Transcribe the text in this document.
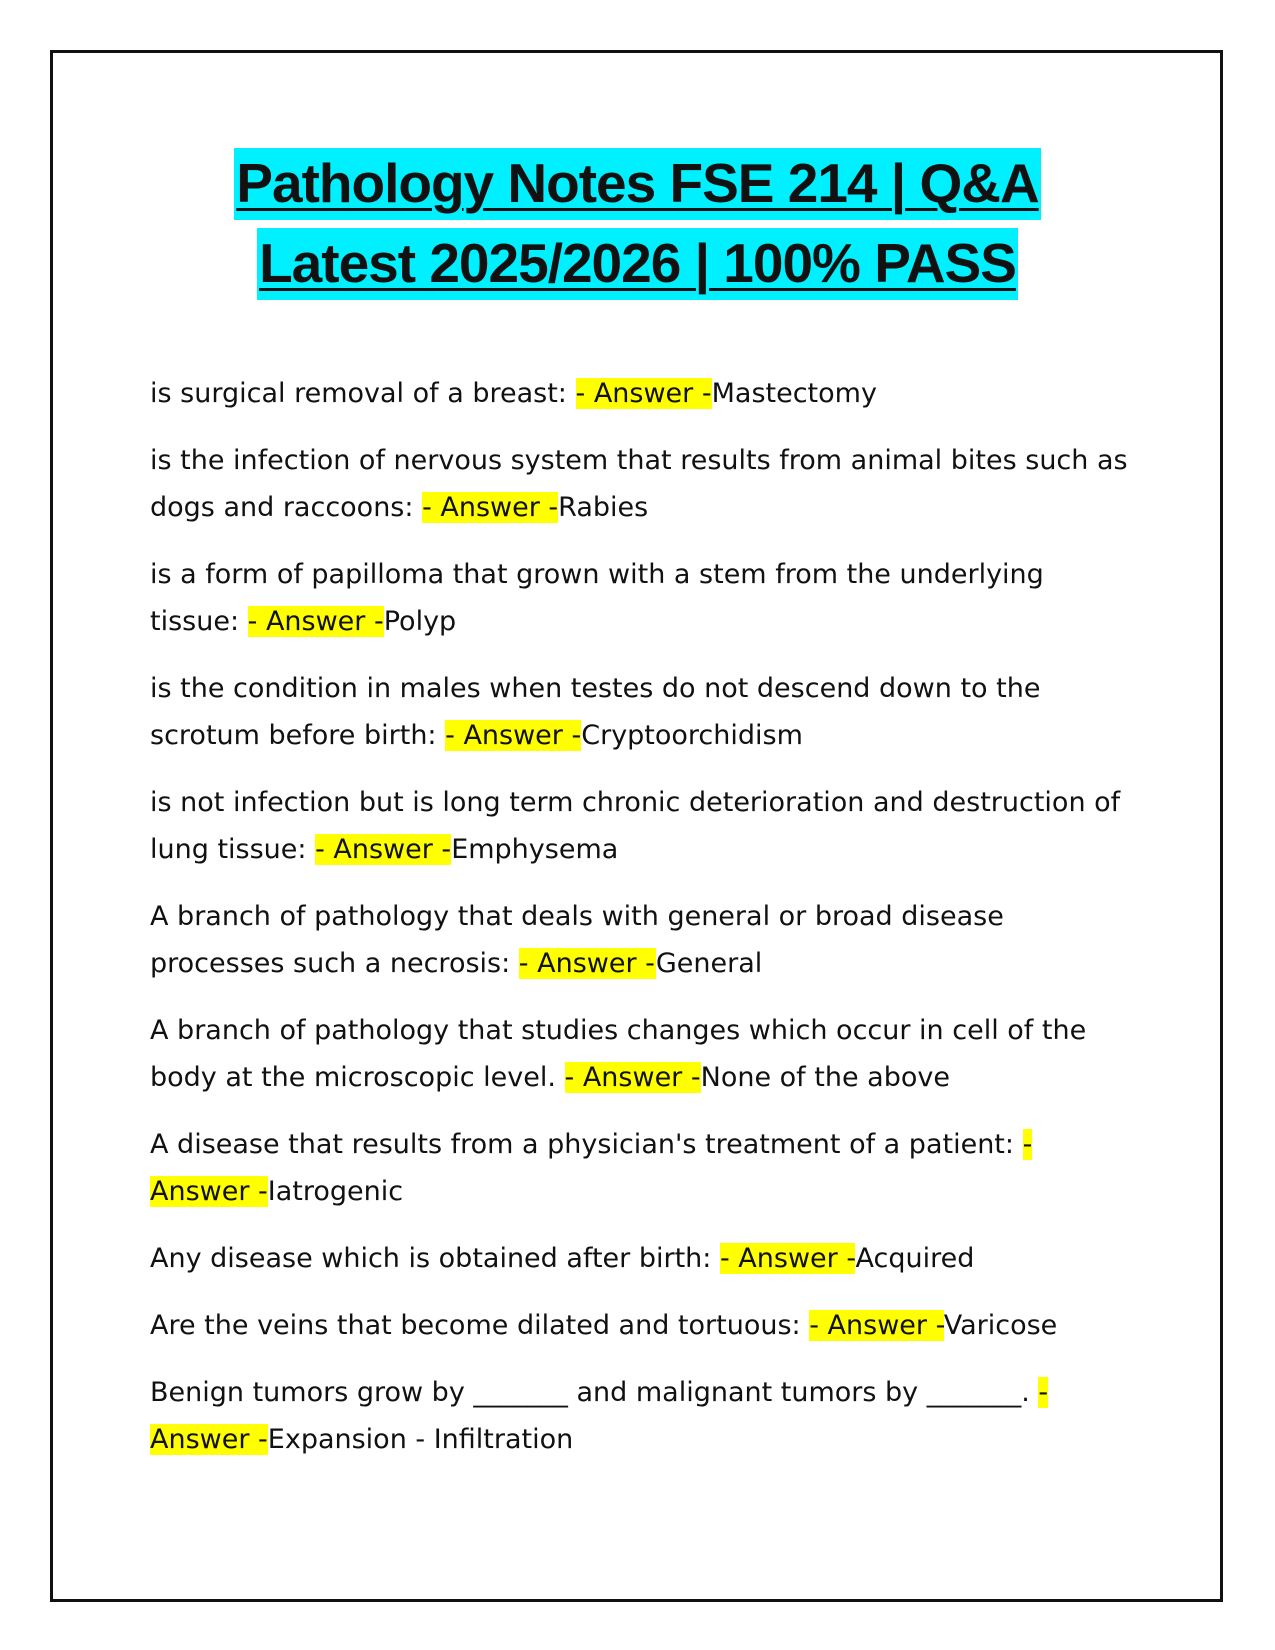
Pathology Notes FSE 214 | Q&A
Latest 2025/2026 | 100% PASS

is surgical removal of a breast: - Answer -Mastectomy

is the infection of nervous system that results from animal bites such as dogs and raccoons: - Answer -Rabies

is a form of papilloma that grown with a stem from the underlying tissue: - Answer -Polyp

is the condition in males when testes do not descend down to the scrotum before birth: - Answer -Cryptoorchidism

is not infection but is long term chronic deterioration and destruction of lung tissue: - Answer -Emphysema

A branch of pathology that deals with general or broad disease processes such a necrosis: - Answer -General

A branch of pathology that studies changes which occur in cell of the body at the microscopic level. - Answer -None of the above

A disease that results from a physician's treatment of a patient: - Answer -Iatrogenic

Any disease which is obtained after birth: - Answer -Acquired

Are the veins that become dilated and tortuous: - Answer -Varicose

Benign tumors grow by _______ and malignant tumors by _______. - Answer -Expansion - Infiltration
